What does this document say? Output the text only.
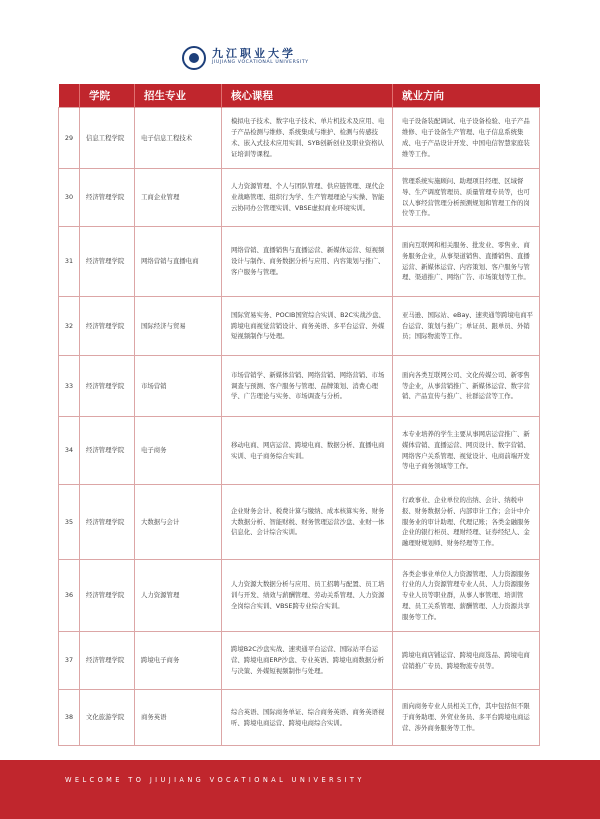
九江职业大学
JIUJIANG VOCATIONAL UNIVERSITY
	学院	招生专业	核心课程	就业方向
29	信息工程学院	电子信息工程技术	模拟电子技术、数字电子技术、单片机技术及应用、电子产品检测与维修、系统集成与维护、检测与传感技术、嵌入式技术应用实训、SYB创新创业及职业资格认证培训等课程。	电子设备装配调试、电子设备检验、电子产品维修、电子设备生产管理、电子信息系统集成、电子产品设计开发、中国电信智慧家庭装维等工作。
30	经济管理学院	工商企业管理	人力资源管理、个人与团队管理、供应链管理、现代企业战略管理、组织行为学、生产管理理论与实操、智能云协同办公管理实训、VBSE虚拟商业环境实训。	管理系统实施顾问、助理项目经理、区域督导、生产调度管理员、质量管理专员等，也可以人事经营管理分析预测规划和管理工作的岗位等工作。
31	经济管理学院	网络营销与直播电商	网络营销、直播销售与直播运营、新媒体运营、短视频设计与制作、商务数据分析与应用、内容策划与推广、客户服务与管理。	面向互联网和相关服务、批发业、零售业、商务服务企业，从事渠道销售、直播销售、直播运营、新媒体运营、内容策划、客户服务与管理、渠道推广、网络广告、市场策划等工作。
32	经济管理学院	国际经济与贸易	国际贸易实务、POCIB国贸综合实训、B2C实战沙盘、跨境电商视觉营销设计、商务英语、多平台运营、外媒短视频制作与处理。	亚马逊、国际站、eBay、速卖通等跨境电商平台运营、策划与推广；单证员、跟单员、外销员；国际物流等工作。
33	经济管理学院	市场营销	市场营销学、新媒体营销、网络营销、网络营销、市场调查与预测、客户服务与管理、品牌策划、消费心理学、广告理论与实务、市场调查与分析。	面向各类互联网公司、文化传媒公司、新零售等企业，从事营销推广、新媒体运营、数字营销、产品宣传与推广、社群运营等工作。
34	经济管理学院	电子商务	移动电商、网店运营、跨境电商、数据分析、直播电商实训、电子商务综合实训。	本专业培养的学生主要从事网店运营推广、新媒体营销、直播运营、网页设计、数字营销、网络客户关系管理、视觉设计、电商前端开发等电子商务领域等工作。
35	经济管理学院	大数据与会计	企业财务会计、税费计算与缴纳、成本核算实务、财务大数据分析、智能财税、财务管理运营沙盘、业财一体信息化、会计综合实训。	行政事业、企业单位的出纳、会计、纳税申报、财务数据分析、内部审计工作；会计中介服务业的审计助理、代理记账；各类金融服务企业的银行柜员、理财经理、证券经纪人、金融理财规划师、财务经理等工作。
36	经济管理学院	人力资源管理	人力资源大数据分析与应用、员工招聘与配置、员工培训与开发、绩效与薪酬管理、劳动关系管理、人力资源全岗综合实训、VBSE跨专业综合实训。	各类企事业单位人力资源管理、人力资源服务行业的人力资源管理专业人员、人力资源服务专业人员等职业群，从事人事管理、培训管理、员工关系管理、薪酬管理、人力资源共享服务等工作。
37	经济管理学院	跨境电子商务	跨境B2C沙盘实战、速卖通平台运营、国际站平台运营、跨境电商ERP沙盘、专业英语、跨境电商数据分析与决策、外媒短视频制作与处理。	跨境电商店铺运营、跨境电商选品、跨境电商营销推广专员、跨境物流专员等。
38	文化旅游学院	商务英语	综合英语、国际商务单证、综合商务英语、商务英语视听、跨境电商运营、跨境电商综合实训。	面向商务专业人员相关工作，其中包括但不限于商务助理、外贸业务员、多平台跨境电商运营、涉外商务服务等工作。
WELCOME TO JIUJIANG VOCATIONAL UNIVERSITY
